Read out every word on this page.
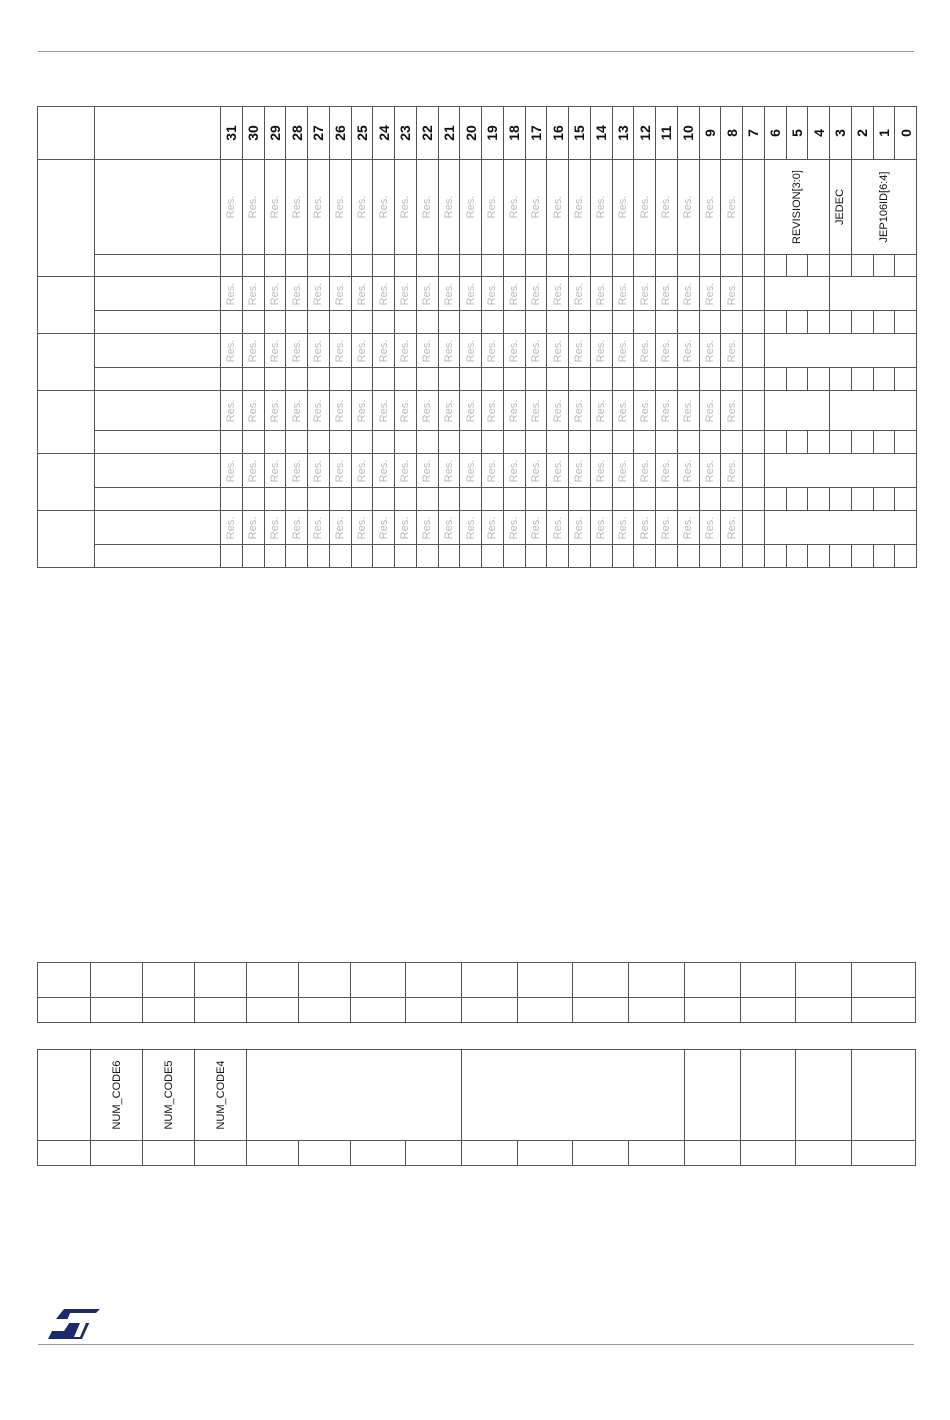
		31	30	29	28	27	26	25	24	23	22	21	20	19	18	17	16	15	14	13	12	11	10	9	8	7	6	5	4	3	2	1	0

		Res.	Res.	Res.	Res.	Res.	Res.	Res.	Res.	Res.	Res.	Res.	Res.	Res.	Res.	Res.	Res.	Res.	Res.	Res.	Res.	Res.	Res.	Res.	Res.		REVISION[3:0]			JEDEC	JEP106ID[6:4]		

		Res.	Res.	Res.	Res.	Res.	Res.	Res.	Res.	Res.	Res.	Res.	Res.	Res.	Res.	Res.	Res.	Res.	Res.	Res.	Res.	Res.	Res.	Res.	Res.								

		Res.	Res.	Res.	Res.	Res.	Res.	Res.	Res.	Res.	Res.	Res.	Res.	Res.	Res.	Res.	Res.	Res.	Res.	Res.	Res.	Res.	Res.	Res.	Res.								

		Res.	Res.	Res.	Res.	Res.	Res.	Res.	Res.	Res.	Res.	Res.	Res.	Res.	Res.	Res.	Res.	Res.	Res.	Res.	Res.	Res.	Res.	Res.	Res.								

		Res.	Res.	Res.	Res.	Res.	Res.	Res.	Res.	Res.	Res.	Res.	Res.	Res.	Res.	Res.	Res.	Res.	Res.	Res.	Res.	Res.	Res.	Res.	Res.								

		Res.	Res.	Res.	Res.	Res.	Res.	Res.	Res.	Res.	Res.	Res.	Res.	Res.	Res.	Res.	Res.	Res.	Res.	Res.	Res.	Res.	Res.	Res.	Res.								

	NUM_CODE6	NUM_CODE5	NUM_CODE4												
